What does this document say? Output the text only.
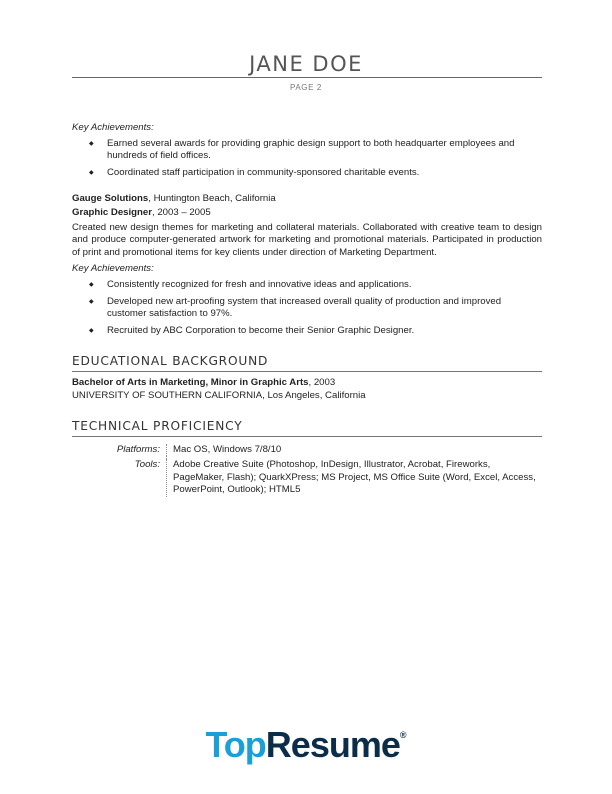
JANE DOE
PAGE 2

Key Achievements:

◆ Earned several awards for providing graphic design support to both headquarter employees and hundreds of field offices.
◆ Coordinated staff participation in community-sponsored charitable events.
Gauge Solutions, Huntington Beach, California
Graphic Designer, 2003 – 2005
Created new design themes for marketing and collateral materials. Collaborated with creative team to design and produce computer-generated artwork for marketing and promotional materials. Participated in production of print and promotional items for key clients under direction of Marketing Department.

Key Achievements:

◆ Consistently recognized for fresh and innovative ideas and applications.
◆ Developed new art-proofing system that increased overall quality of production and improved customer satisfaction to 97%.
◆ Recruited by ABC Corporation to become their Senior Graphic Designer.
EDUCATIONAL BACKGROUND
Bachelor of Arts in Marketing, Minor in Graphic Arts, 2003
UNIVERSITY OF SOUTHERN CALIFORNIA, Los Angeles, California
TECHNICAL PROFICIENCY
Platforms:	Mac OS, Windows 7/8/10
Tools:	Adobe Creative Suite (Photoshop, InDesign, Illustrator, Acrobat, Fireworks, PageMaker, Flash); QuarkXPress; MS Project, MS Office Suite (Word, Excel, Access, PowerPoint, Outlook); HTML5
TopResume®
